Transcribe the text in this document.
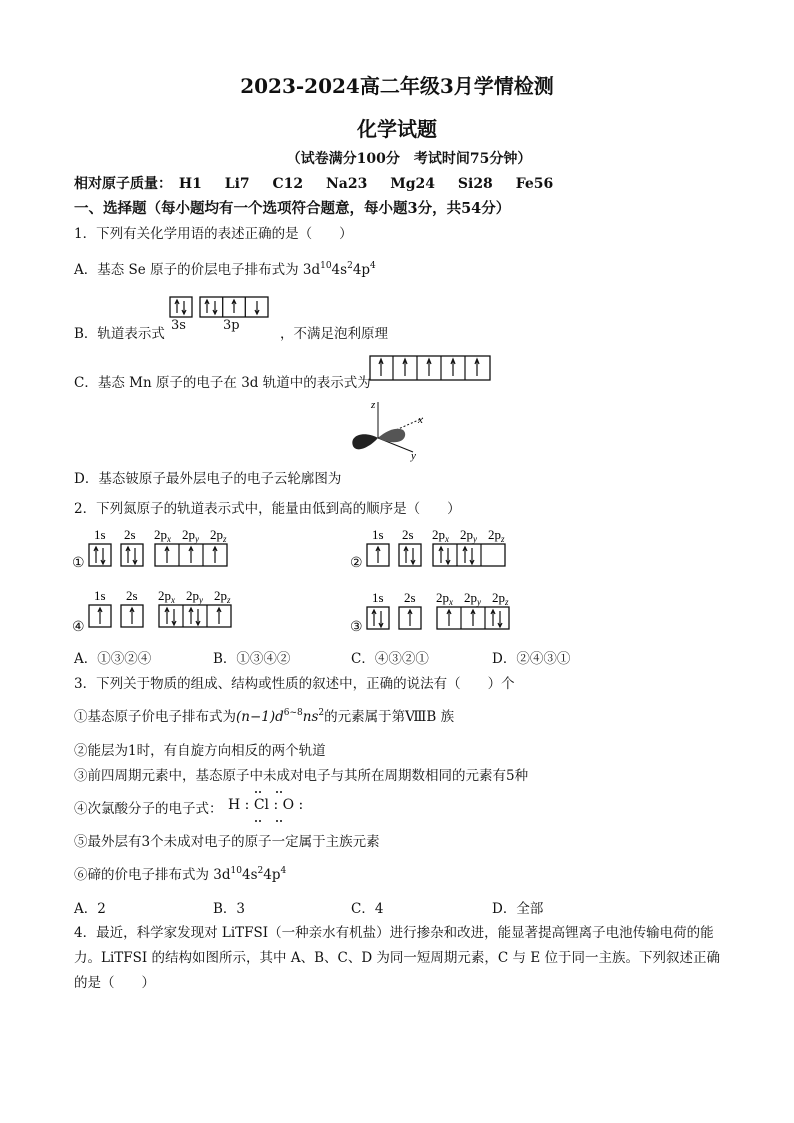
2023-2024高二年级3月学情检测
化学试题
（试卷满分100分　考试时间75分钟）
相对原子质量： H1 Li7 C12 Na23 Mg24 Si28 Fe56
一、选择题（每小题均有一个选项符合题意，每小题3分，共54分）
1．下列有关化学用语的表述正确的是（　　）
A．基态 Se 原子的价层电子排布式为 $3d^{10}4s^24p^4$
3s	3p
B．轨道表示式	，不满足泡利原理
C．基态 Mn 原子的电子在 3d 轨道中的表示式为
z
x
y
D．基态铍原子最外层电子的电子云轮廓图为
2．下列氮原子的轨道表示式中，能量由低到高的顺序是（　　）
1s 2s $2p_x$ $2p_y$ $2p_z$
①
1s 2s $2p_x$ $2p_y$ $2p_z$
②
1s 2s $2p_x$ $2p_y$ $2p_z$
④
1s 2s $2p_x$ $2p_y$ $2p_z$
③
A．①③②④	B．①③④②	C．④③②①	D．②④③①
3．下列关于物质的组成、结构或性质的叙述中，正确的说法有（　　）个
①基态原子价电子排布式为$(n-1)d^{6\sim 8}ns^2$的元素属于第ⅧB 族
②能层为1时，有自旋方向相反的两个轨道
③前四周期元素中，基态原子中未成对电子与其所在周期数相同的元素有5种
④次氯酸分子的电子式： H : Cl : O :
⑤最外层有3个未成对电子的原子一定属于主族元素
⑥碲的价电子排布式为 $3d^{10}4s^24p^4$
A．2	B．3	C．4	D．全部
4．最近，科学家发现对 LiTFSI（一种亲水有机盐）进行掺杂和改进，能显著提高锂离子电池传输电荷的能
力。LiTFSI 的结构如图所示，其中 A、B、C、D 为同一短周期元素，C 与 E 位于同一主族。下列叙述正确
的是（　　）
